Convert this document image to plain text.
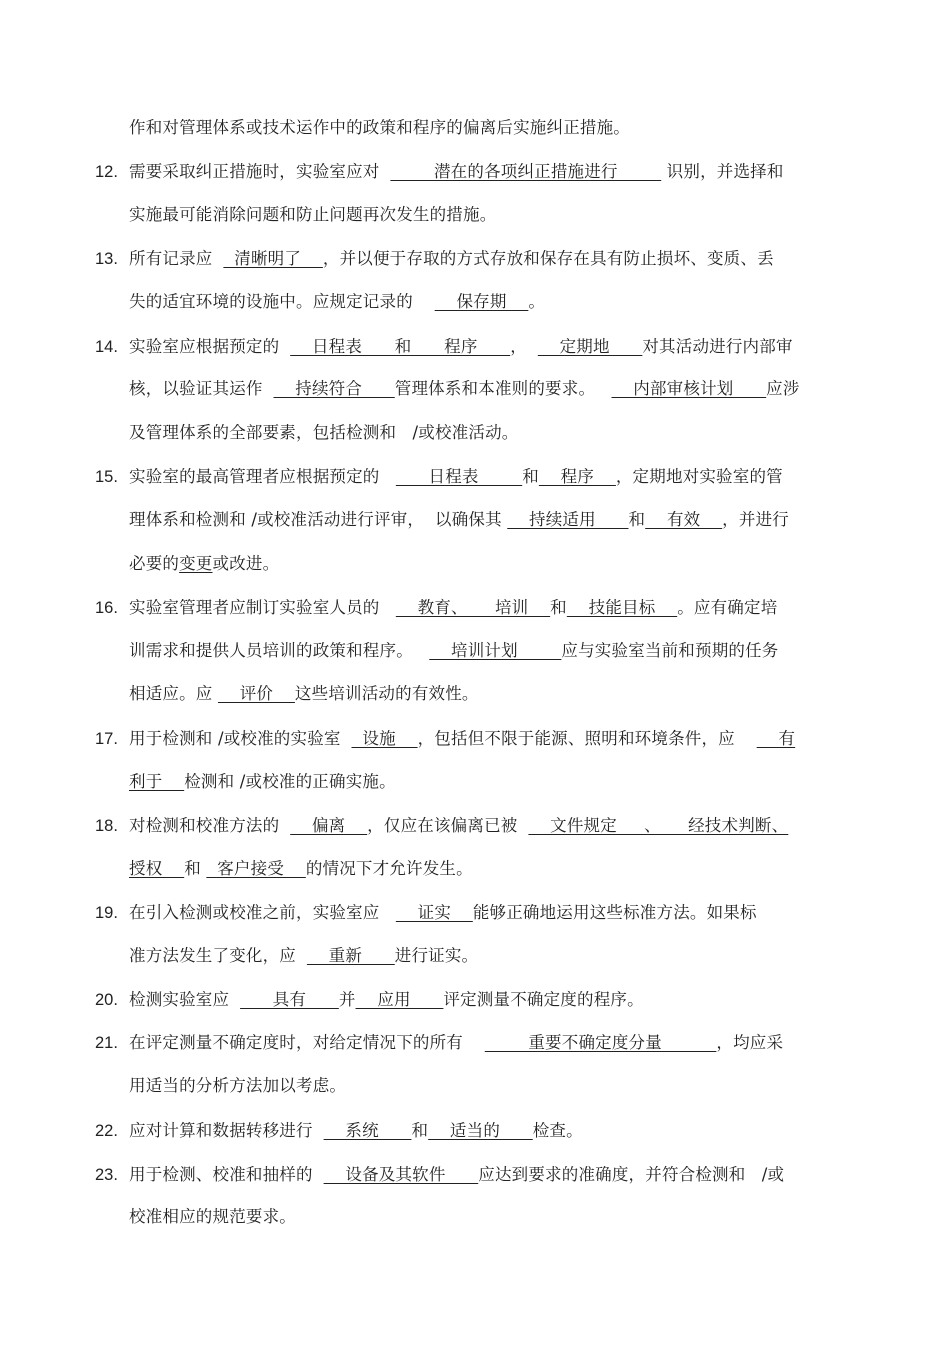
作和对管理体系或技术运作中的政策和程序的偏离后实施纠正措施。
12. 需要采取纠正措施时，实验室应对          潜在的各项纠正措施进行         识别，并选择和
实施最可能消除问题和防止问题再次发生的措施。
13. 所有记录应    清晰明了    ，并以便于存取的方式存放和保存在具有防止损坏、变质、丢
失的适宜环境的设施中。应规定记录的        保存期    。
14. 实验室应根据预定的      日程表      和      程序      ，      定期地      对其活动进行内部审
核，以验证其运作      持续符合      管理体系和本准则的要求。       内部审核计划      应涉
及管理体系的全部要素，包括检测和   /或校准活动。
15. 实验室的最高管理者应根据预定的         日程表        和    程序    ，定期地对实验室的管
理体系和检测和 /或校准活动进行评审，  以确保其     持续适用      和    有效    ，并进行
必要的变更或改进。
16. 实验室管理者应制订实验室人员的       教育、     培训    和    技能目标    。应有确定培
训需求和提供人员培训的政策和程序。       培训计划        应与实验室当前和预期的任务
相适应。应     评价    这些培训活动的有效性。
17. 用于检测和 /或校准的实验室    设施    ，包括但不限于能源、照明和环境条件，应        有
利于    检测和 /或校准的正确实施。
18. 对检测和校准方法的      偏离    ，仅应在该偏离已被      文件规定     、     经技术判断、
授权    和   客户接受    的情况下才允许发生。
19. 在引入检测或校准之前，实验室应       证实    能够正确地运用这些标准方法。如果标
准方法发生了变化，应      重新      进行证实。
20. 检测实验室应        具有      并    应用      评定测量不确定度的程序。
21. 在评定测量不确定度时，对给定情况下的所有            重要不确定度分量          ，均应采
用适当的分析方法加以考虑。
22. 应对计算和数据转移进行      系统      和    适当的      检查。
23. 用于检测、校准和抽样的      设备及其软件      应达到要求的准确度，并符合检测和   /或
校准相应的规范要求。
